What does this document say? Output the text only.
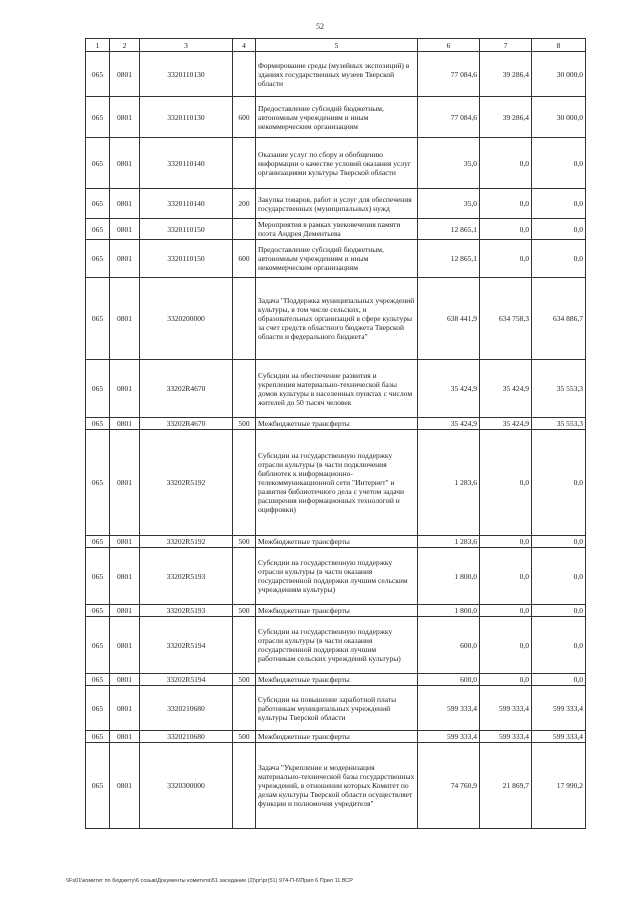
52
1	2	3	4	5	6	7	8
065	0801	3320110130		Формирование среды (музейных экспозиций) в зданиях государственных музеев Тверской области	77 084,6	39 286,4	30 000,0
065	0801	3320110130	600	Предоставление субсидий бюджетным, автономным учреждениям и иным некоммерческим организациям	77 084,6	39 286,4	30 000,0
065	0801	3320110140		Оказание услуг по сбору и обобщению информации о качестве условий оказания услуг организациями культуры Тверской области	35,0	0,0	0,0
065	0801	3320110140	200	Закупка товаров, работ и услуг для обеспечения государственных (муниципальных) нужд	35,0	0,0	0,0
065	0801	3320110150		Мероприятия в рамках увековечения памяти поэта Андрея Дементьева	12 865,1	0,0	0,0
065	0801	3320110150	600	Предоставление субсидий бюджетным, автономным учреждениям и иным некоммерческим организациям	12 865,1	0,0	0,0
065	0801	3320200000		Задача "Поддержка муниципальных учреждений культуры, в том числе сельских, и образовательных организаций в сфере культуры за счет средств областного бюджета Тверской области и федерального бюджета"	638 441,9	634 758,3	634 886,7
065	0801	33202R4670		Субсидии на обеспечение развития и укрепления материально-технической базы домов культуры в населенных пунктах с числом жителей до 50 тысяч человек	35 424,9	35 424,9	35 553,3
065	0801	33202R4670	500	Межбюджетные трансферты	35 424,9	35 424,9	35 553,3
065	0801	33202R5192		Субсидии на государственную поддержку отрасли культуры (в части подключения библиотек к информационно-телекоммуникационной сети "Интернет" и развития библиотечного дела с учетом задачи расширения информационных технологий и оцифровки)	1 283,6	0,0	0,0
065	0801	33202R5192	500	Межбюджетные трансферты	1 283,6	0,0	0,0
065	0801	33202R5193		Субсидии на государственную поддержку отрасли культуры (в части оказания государственной поддержки лучшим сельским учреждениям культуры)	1 800,0	0,0	0,0
065	0801	33202R5193	500	Межбюджетные трансферты	1 800,0	0,0	0,0
065	0801	33202R5194		Субсидии на государственную поддержку отрасли культуры (в части оказания государственной поддержки лучшим работникам сельских учреждений культуры)	600,0	0,0	0,0
065	0801	33202R5194	500	Межбюджетные трансферты	600,0	0,0	0,0
065	0801	3320210680		Субсидии на повышение заработной платы работникам муниципальных учреждений культуры Тверской области	599 333,4	599 333,4	599 333,4
065	0801	3320210680	500	Межбюджетные трансферты	599 333,4	599 333,4	599 333,4
065	0801	3320300000		Задача "Укрепление и модернизация материально-технической базы государственных учреждений, в отношении которых Комитет по делам культуры Тверской области осуществляет функции и полномочия учредителя"	74 760,9	21 869,7	17 990,2
\\Fs01\комитет по бюджету\6 созыв\Документы комитета\51 заседание (2)\рг\рг(51) 974-П-6\Прил 6 Прил 11 ВСР
